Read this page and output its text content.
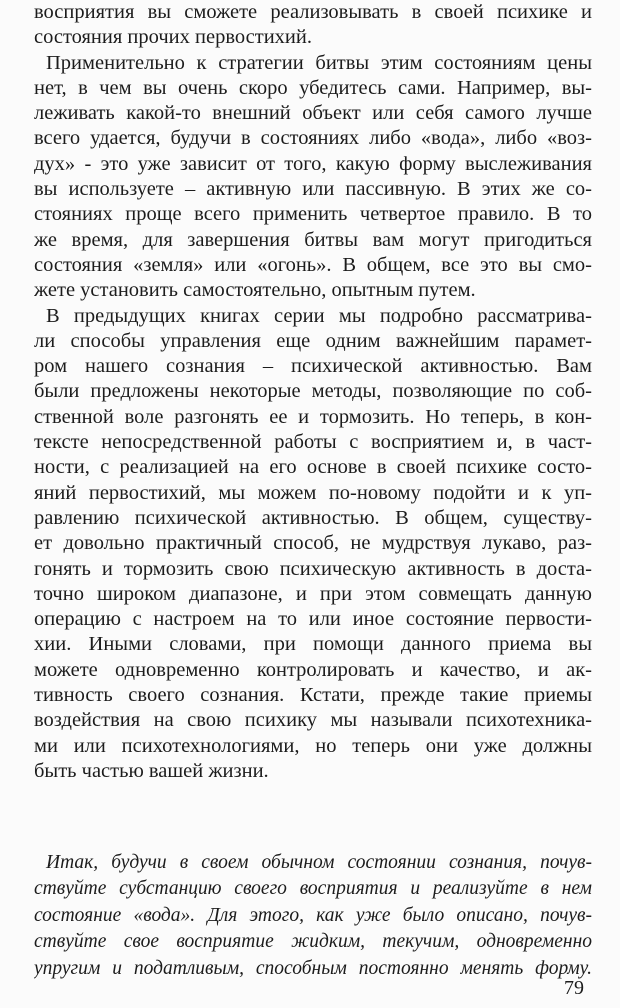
восприятия вы сможете реализовывать в своей психике и
состояния прочих первостихий.
Применительно к стратегии битвы этим состояниям цены
нет, в чем вы очень скоро убедитесь сами. Например, вы-
леживать какой-то внешний объект или себя самого лучше
всего удается, будучи в состояниях либо «вода», либо «воз-
дух» - это уже зависит от того, какую форму выслеживания
вы используете – активную или пассивную. В этих же со-
стояниях проще всего применить четвертое правило. В то
же время, для завершения битвы вам могут пригодиться
состояния «земля» или «огонь». В общем, все это вы смо-
жете установить самостоятельно, опытным путем.
В предыдущих книгах серии мы подробно рассматрива-
ли способы управления еще одним важнейшим парамет-
ром нашего сознания – психической активностью. Вам
были предложены некоторые методы, позволяющие по соб-
ственной воле разгонять ее и тормозить. Но теперь, в кон-
тексте непосредственной работы с восприятием и, в част-
ности, с реализацией на его основе в своей психике состо-
яний первостихий, мы можем по-новому подойти и к уп-
равлению психической активностью. В общем, существу-
ет довольно практичный способ, не мудрствуя лукаво, раз-
гонять и тормозить свою психическую активность в доста-
точно широком диапазоне, и при этом совмещать данную
операцию с настроем на то или иное состояние первости-
хии. Иными словами, при помощи данного приема вы
можете одновременно контролировать и качество, и ак-
тивность своего сознания. Кстати, прежде такие приемы
воздействия на свою психику мы называли психотехника-
ми или психотехнологиями, но теперь они уже должны
быть частью вашей жизни.
Итак, будучи в своем обычном состоянии сознания, почув-
ствуйте субстанцию своего восприятия и реализуйте в нем
состояние «вода». Для этого, как уже было описано, почув-
ствуйте свое восприятие жидким, текучим, одновременно
упругим и податливым, способным постоянно менять форму.
79
